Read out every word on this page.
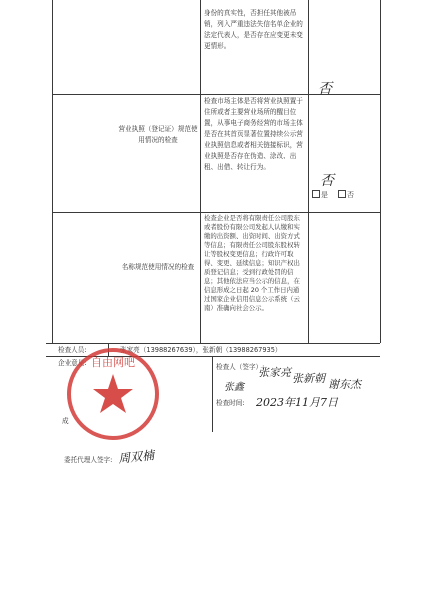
身份的真实性，否担任其他被吊销，列入严重违法失信名单企业的法定代表人，是否存在应变更未变更情形。
否
营业执照（登记证）规范使用情况的检查
检查市场主体是否将营业执照置于住所或者主要营业场所的醒目位置，从事电子商务经营的市场主体是否在其首页显著位置持续公示营业执照信息或者相关链接标识，营业执照是否存在伪造、涂改、出租、出借、转让行为。
否
是	否
名称规范使用情况的检查
检查企业是否将有限责任公司股东或者股份有限公司发起人认缴和实缴的出资额、出资时间、出资方式等信息；有限责任公司股东股权转让等股权变更信息；行政许可取得、变更、延续信息；知识产权出质登记信息；受到行政处罚的信息；其他依法应当公示的信息，在信息形成之日起 20 个工作日内通过国家企业信用信息公示系统（云南）准确向社会公示。
检查人员:	张家亮（13988267639），张新朝（13988267935）
企业意见:
成
委托代理人签字: 周双楠
自由网吧	检查人（签字）:
张家亮 张新朝
张鑫	谢东杰
检查时间:	2023年11月7日
